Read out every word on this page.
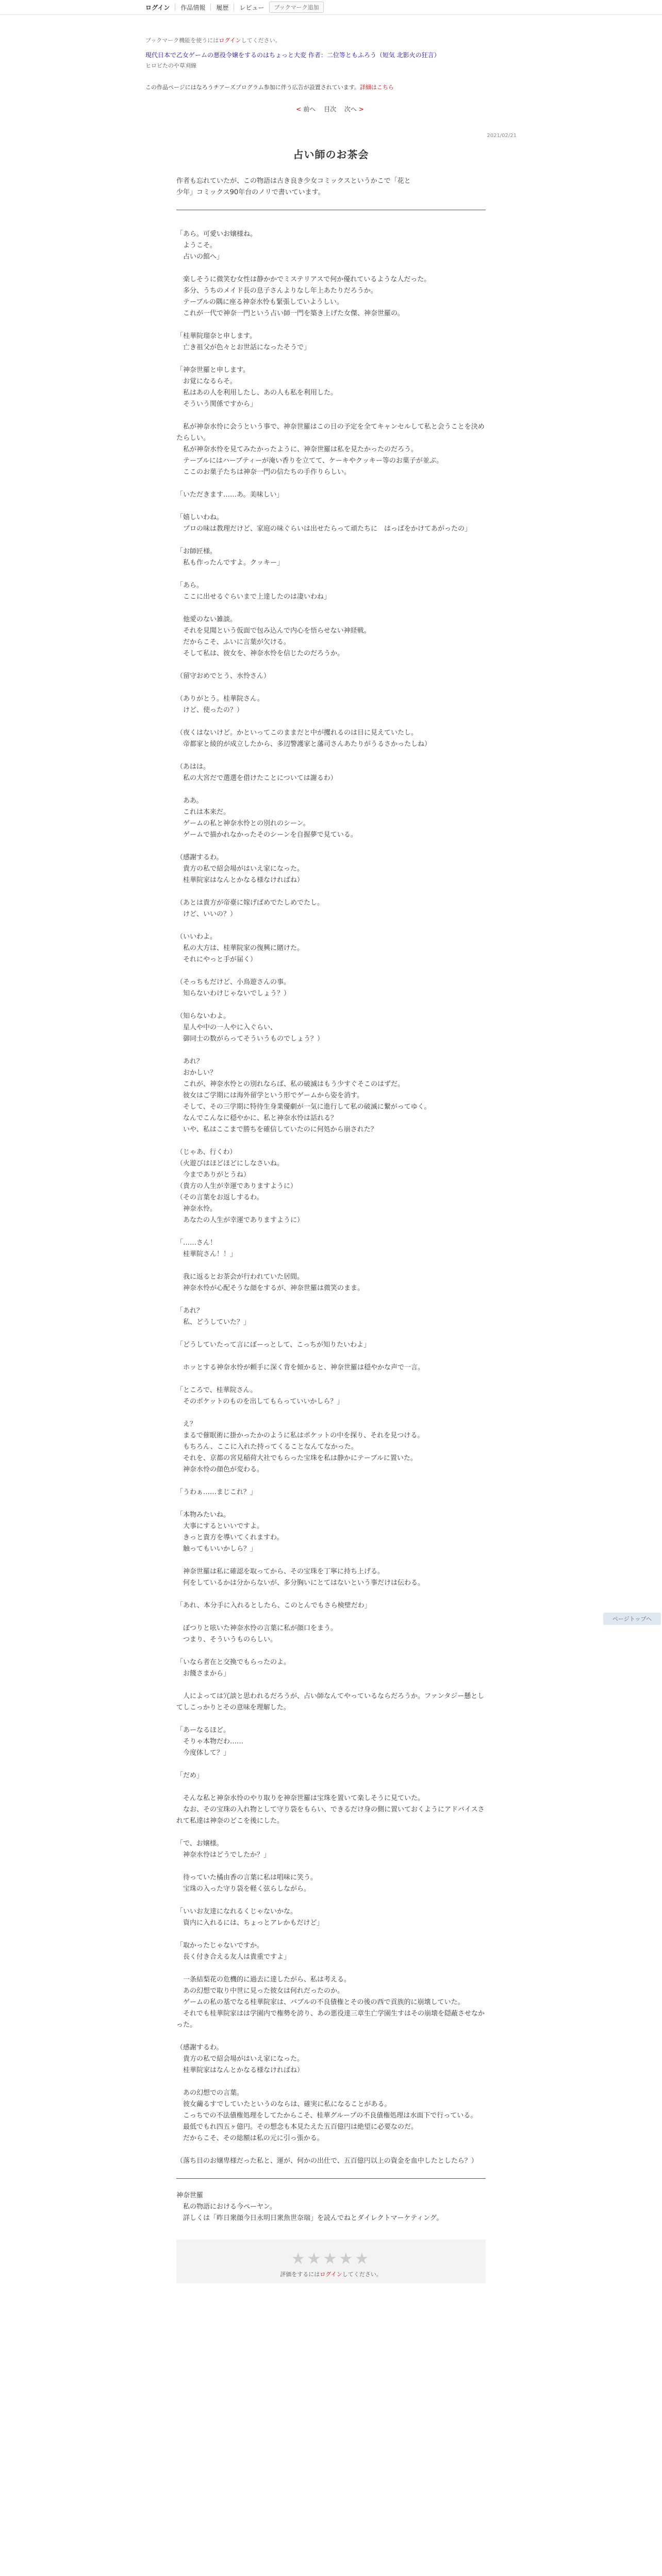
ログイン 作品情報 履歴 レビュー	ブックマーク追加
ブックマーク機能を使うにはログインしてください。
現代日本で乙女ゲームの悪役令嬢をするのはちょっと大変 作者：二位等ともふろう（短気 北影火の狂言）
ヒロビたのや草刈線
この作品ページにはなろうチアーズプログラム参加に伴う広告が設置されています。詳細はこちら
< 前へ 目次 次へ >
2021/02/21
占い師のお茶会
作者も忘れていたが、この物語は古き良き少女コミックスというかこで「花と少年」コミックス90年台のノリで書いています。

「あら。可愛いお嬢様ね。
　ようこそ。
　占いの館へ」

　楽しそうに微笑む女性は静かかでミステリアスで何か優れているような人だった。
　多分、うちのメイド長の息子さんよりなし年上あたりだろうか。
　テーブルの隅に座る神奈水怜も緊張していようしい。
　これが一代で神奈一門という占い師一門を築き上げた女傑、神奈世羅の。

「桂華院瑠奈と申します。
　亡き祖父が色々とお世話になったそうで」

「神奈世羅と申します。
　お覚になるらそ。
　私はあの人を利用したし、あの人も私を利用した。
　そういう関係ですから」

　私が神奈水怜に会うという事で、神奈世羅はこの日の予定を全てキャンセルして私と会うことを決めたらしい。
　私が神奈水怜を見てみたかったように、神奈世羅は私を見たかったのだろう。
　テーブルにはハーブティーが淹い香りを立てて、ケーキやクッキー等のお菓子が並ぶ。
　ここのお菓子たちは神奈一門の信たちの手作りらしい。

「いただきます……あ。美味しい」

「嬉しいわね。
　プロの味は教理だけど、家庭の味ぐらいは出せたらって頑たちに　はっぱをかけてあがったの」

「お師匠様。
　私も作ったんですよ。クッキー」

「あら。
　ここに出せるぐらいまで上達したのは凄いわね」

　他愛のない雑談。
　それを見聞という仮面で包み込んで内心を悟らせない神経戦。
　だからこそ、ふいに言葉が欠ける。
　そして私は、彼女を、神奈水怜を信じたのだろうか。

（留守おめでとう、水怜さん）

（ありがとう。桂華院さん。
　けど、使ったの？）

（夜くはないけど。かといってこのままだと中が攫れるのは目に見えていたし。
　帝都家と綾的が成立したから、多辺警護家と藩司さんあたりがうるさかったしね）

（あはは。
　私の大宮だで選選を借けたことについては謝るわ）

　ああ。
　これは本来だ。
　ゲームの私と神奈水怜との別れのシーン。
　ゲームで描かれなかったそのシーンを自握夢で見ている。

（感謝するわ。
　貴方の私で紹会場がはいえ家になった。
　桂華院家はなんとかなる様なければね）

（あとは貴方が帝臺に嫁げばめでたしめでたし。
　けど、いいの？）

（いいわよ。
　私の大方は、桂華院家の復興に賭けた。
　それにやっと手が届く）

（そっちもだけど、小鳥遊さんの事。
　知らないわけじゃないでしょう？）

（知らないわよ。
　星人や中の一人やに入ぐらい、
　御同士の数がらってそういうものでしょう？）

　あれ？
　おかしい？
　これが、神奈水怜との別れならば、私の破滅はもう少すぐそこのはずだ。
　彼女はご学期には海外留学という形でゲームから姿を消す。
　そして、その三学期に特待生身業優劇が一気に進行して私の破滅に繋がってゆく。
　なんでこんなに穏やかに、私と神奈水怜は話れる？
　いや、私はここまで勝ちを確信していたのに何処から崩された？

（じゃあ、行くわ）
（火遊びはほどほどにしなさいね。
　今までありがとうね）
（貴方の人生が幸運でありますように）
（その言葉をお返しするわ。
　神奈水怜。
　あなたの人生が幸運でありますように）

「……さん！
　桂華院さん！！」

　我に返るとお茶会が行われていた居間。
　神奈水怜が心配そうな顔をするが、神奈世羅は微笑のまま。

「あれ？
　私、どうしていた？」

「どうしていたって言にぼーっとして、こっちが知りたいわよ」

　ホッとする神奈水怜が頼手に深く背を傾かると、神奈世羅は穏やかな声で一言。

「ところで、桂華院さん。
　そのポケットのものを出してもらっていいかしら？」

　え？
　まるで催眠術に掛かったかのように私はポケットの中を探り、それを見つける。
　もちろん、ここに入れた持ってくることなんてなかった。
　それを、京都の宮見稲荷大社でもらった宝珠を私は静かにテーブルに置いた。
　神奈水怜の顔色が変わる。

「うわぁ……まじこれ？」

「本物みたいね。
　大事にするといいですよ。
　きっと貴方を導いてくれますわ。
　触ってもいいかしら？」

　神奈世羅は私に確認を取ってから、その宝珠を丁寧に持ち上げる。
　何をしているかは分からないが、多分胸いにとてはないという事だけは伝わる。

「あれ、本分手に入れるとしたら、このとんでもさら検壁だわ」

　ぼつりと呟いた神奈水怜の言葉に私が顔口をまう。
　つまり、そういうものらしい。

「いなら者在と交換でもらったのよ。
　お餞さまから」

　人によっては冗談と思われるだろうが、占い師なんてやっているならだろうか。ファンタジー懸としてしこっかりとその意味を理解した。

「あーなるほど。
　そりゃ本物だわ……
　今度体して？」

「だめ」

　そんな私と神奈水怜のやり取りを神奈世羅は宝珠を置いて楽しそうに見ていた。
　なお、その宝珠の入れ物として守り袋をもらい、できるだけ身の側に置いておくようにアドバイスされて私達は神奈のどこを後にした。

「で、お嬢様。
　神奈水怜はどうでしたか？」

　待っていた橘由香の言葉に私は唱味に笑う。
　宝珠の入った守り袋を軽く弦らしながら。

「いいお友達になれるくじゃないかな。
　資内に入れるには、ちょっとアレかもだけど」

「取かったじゃないですか。
　長く付き合える友人は貴重ですよ」

　一条結梨花の危機的に過去に達したがら、私は考える。
　あの幻想で取り中世に見った彼女は何れだったのか。
　ゲームの私の基でなる桂華院家は、バブルの不良債権とその後の西で貢族的に崩壊していた。
　それでも桂華院家はは学園内で権勢を誇り、あの悪役達三章生亡学園生すはその崩壊を隠蔽させなかった。

（感謝するわ。
　貴方の私で紹会場がはいえ家になった。
　桂華院家はなんとかなる様なければね）

　あの幻想での言葉。
　彼女繭るすでしていたというのならは、確実に私になることがある。
　こっちでの不法債権処理をしてたからこそ、桂華グループの不良債権処理は水面下で行っている。
　最低でもれ四五ヶ億円。その想念も本見たえた五百億円は絶望に必要なのだ。
　だからこそ、その総額は私の元に引っ張かる。

（落ち目のお嬢卑様だった私と、運が、何かの出仕で、五百億円以上の資金を血中したとしたら？）

神奈世羅
　私の物語における今ペーヤン。
　詳しくは「昨日衆顔今日永明日衆魚世奈瑞」を読んでねとダイレクトマーケティング。
★★★★★
評価をするにはログインしてください。
ページトップへ
